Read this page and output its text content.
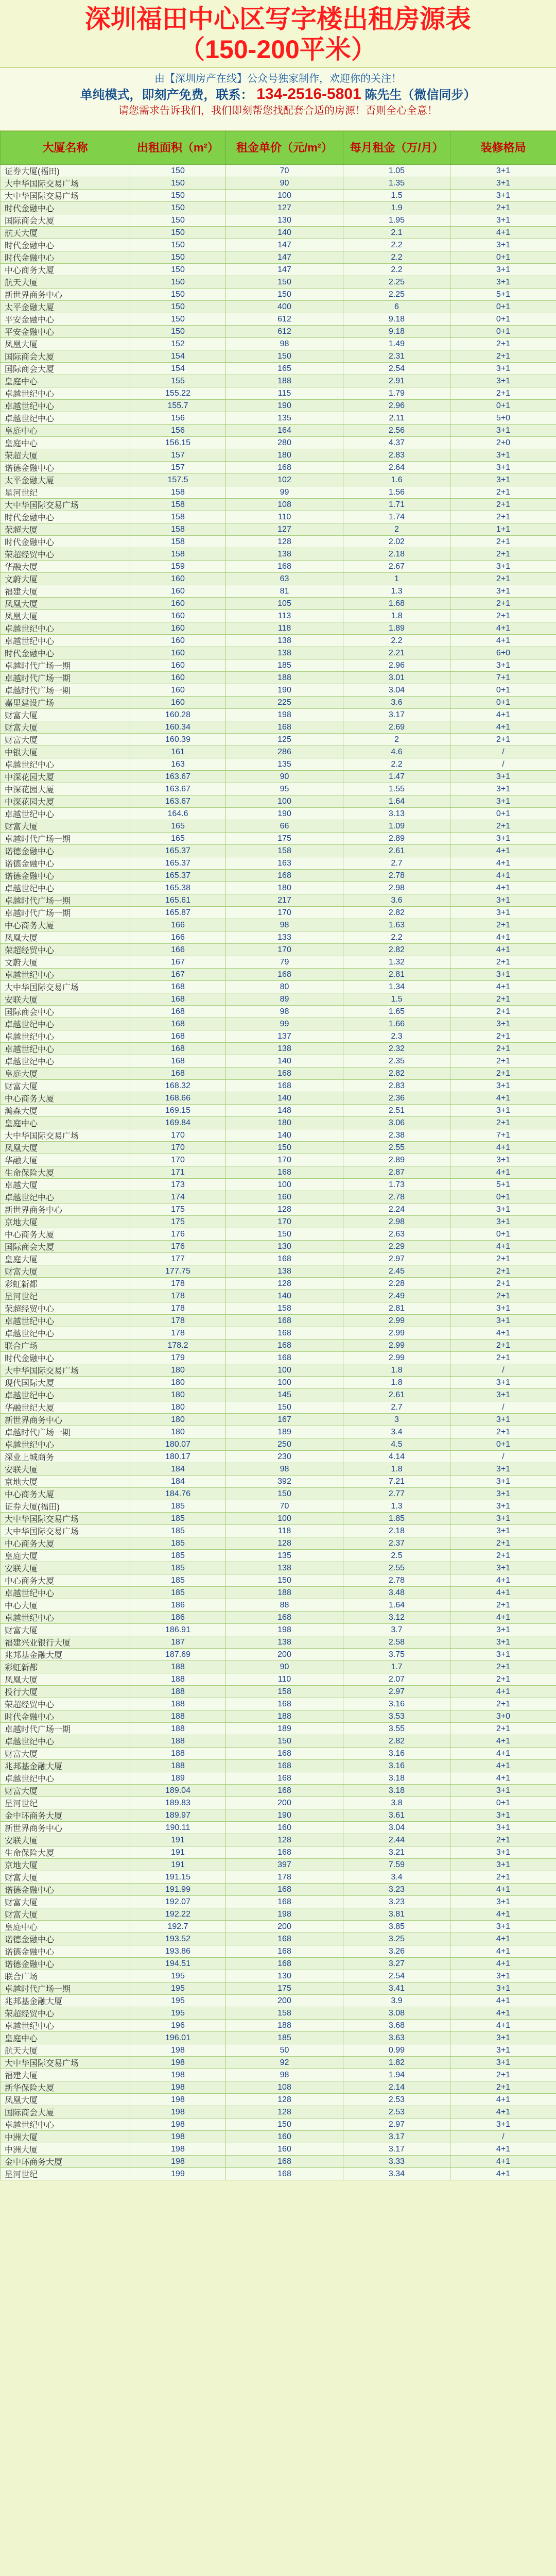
深圳福田中心区写字楼出租房源表
（150-200平米）
由【深圳房产在线】公众号独家制作，欢迎你的关注！
单纯模式，即刻产免费，联系： 134-2516-5801 陈先生（微信同步）
请您需求告诉我们，我们即刻帮您找配套合适的房源！否则全心全意！
大厦名称	出租面积（m²）	租金单价（元/m²）	每月租金（万/月）	装修格局
证券大厦(福田)	150	70	1.05	3+1
大中华国际交易广场	150	90	1.35	3+1
大中华国际交易广场	150	100	1.5	3+1
时代金融中心	150	127	1.9	2+1
国际商会大厦	150	130	1.95	3+1
航天大厦	150	140	2.1	4+1
时代金融中心	150	147	2.2	3+1
时代金融中心	150	147	2.2	0+1
中心商务大厦	150	147	2.2	3+1
航天大厦	150	150	2.25	3+1
新世界商务中心	150	150	2.25	5+1
太平金融大厦	150	400	6	0+1
平安金融中心	150	612	9.18	0+1
平安金融中心	150	612	9.18	0+1
凤凰大厦	152	98	1.49	2+1
国际商会大厦	154	150	2.31	2+1
国际商会大厦	154	165	2.54	3+1
皇庭中心	155	188	2.91	3+1
卓越世纪中心	155.22	115	1.79	2+1
卓越世纪中心	155.7	190	2.96	0+1
卓越世纪中心	156	135	2.11	5+0
皇庭中心	156	164	2.56	3+1
皇庭中心	156.15	280	4.37	2+0
荣超大厦	157	180	2.83	3+1
诺德金融中心	157	168	2.64	3+1
太平金融大厦	157.5	102	1.6	3+1
星河世纪	158	99	1.56	2+1
大中华国际交易广场	158	108	1.71	2+1
时代金融中心	158	110	1.74	2+1
荣超大厦	158	127	2	1+1
时代金融中心	158	128	2.02	2+1
荣超经贸中心	158	138	2.18	2+1
华融大厦	159	168	2.67	3+1
文蔚大厦	160	63	1	2+1
福建大厦	160	81	1.3	3+1
凤凰大厦	160	105	1.68	2+1
凤凰大厦	160	113	1.8	2+1
卓越世纪中心	160	118	1.89	4+1
卓越世纪中心	160	138	2.2	4+1
时代金融中心	160	138	2.21	6+0
卓越时代广场一期	160	185	2.96	3+1
卓越时代广场一期	160	188	3.01	7+1
卓越时代广场一期	160	190	3.04	0+1
嘉里建设广场	160	225	3.6	0+1
财富大厦	160.28	198	3.17	4+1
财富大厦	160.34	168	2.69	4+1
财富大厦	160.39	125	2	2+1
中银大厦	161	286	4.6	/
卓越世纪中心	163	135	2.2	/
中深花园大厦	163.67	90	1.47	3+1
中深花园大厦	163.67	95	1.55	3+1
中深花园大厦	163.67	100	1.64	3+1
卓越世纪中心	164.6	190	3.13	0+1
财富大厦	165	66	1.09	2+1
卓越时代广场一期	165	175	2.89	3+1
诺德金融中心	165.37	158	2.61	4+1
诺德金融中心	165.37	163	2.7	4+1
诺德金融中心	165.37	168	2.78	4+1
卓越世纪中心	165.38	180	2.98	4+1
卓越时代广场一期	165.61	217	3.6	3+1
卓越时代广场一期	165.87	170	2.82	3+1
中心商务大厦	166	98	1.63	2+1
凤凰大厦	166	133	2.2	4+1
荣超经贸中心	166	170	2.82	4+1
文蔚大厦	167	79	1.32	2+1
卓越世纪中心	167	168	2.81	3+1
大中华国际交易广场	168	80	1.34	4+1
安联大厦	168	89	1.5	2+1
国际商会中心	168	98	1.65	2+1
卓越世纪中心	168	99	1.66	3+1
卓越世纪中心	168	137	2.3	2+1
卓越世纪中心	168	138	2.32	2+1
卓越世纪中心	168	140	2.35	2+1
皇庭大厦	168	168	2.82	2+1
财富大厦	168.32	168	2.83	3+1
中心商务大厦	168.66	140	2.36	4+1
瀚森大厦	169.15	148	2.51	3+1
皇庭中心	169.84	180	3.06	2+1
大中华国际交易广场	170	140	2.38	7+1
凤凰大厦	170	150	2.55	4+1
华融大厦	170	170	2.89	3+1
生命保险大厦	171	168	2.87	4+1
卓越大厦	173	100	1.73	5+1
卓越世纪中心	174	160	2.78	0+1
新世界商务中心	175	128	2.24	3+1
京地大厦	175	170	2.98	3+1
中心商务大厦	176	150	2.63	0+1
国际商会大厦	176	130	2.29	4+1
皇庭大厦	177	168	2.97	2+1
财富大厦	177.75	138	2.45	2+1
彩虹新都	178	128	2.28	2+1
星河世纪	178	140	2.49	2+1
荣超经贸中心	178	158	2.81	3+1
卓越世纪中心	178	168	2.99	3+1
卓越世纪中心	178	168	2.99	4+1
联合广场	178.2	168	2.99	2+1
时代金融中心	179	168	2.99	2+1
大中华国际交易广场	180	100	1.8	/
现代国际大厦	180	100	1.8	3+1
卓越世纪中心	180	145	2.61	3+1
华融世纪大厦	180	150	2.7	/
新世界商务中心	180	167	3	3+1
卓越时代广场一期	180	189	3.4	2+1
卓越世纪中心	180.07	250	4.5	0+1
深业上城商务	180.17	230	4.14	/
安联大厦	184	98	1.8	3+1
京地大厦	184	392	7.21	3+1
中心商务大厦	184.76	150	2.77	3+1
证券大厦(福田)	185	70	1.3	3+1
大中华国际交易广场	185	100	1.85	3+1
大中华国际交易广场	185	118	2.18	3+1
中心商务大厦	185	128	2.37	2+1
皇庭大厦	185	135	2.5	2+1
安联大厦	185	138	2.55	3+1
中心商务大厦	185	150	2.78	4+1
卓越世纪中心	185	188	3.48	4+1
中心大厦	186	88	1.64	2+1
卓越世纪中心	186	168	3.12	4+1
财富大厦	186.91	198	3.7	3+1
福建兴业银行大厦	187	138	2.58	3+1
兆邦基金融大厦	187.69	200	3.75	3+1
彩虹新都	188	90	1.7	2+1
凤凰大厦	188	110	2.07	2+1
投行大厦	188	158	2.97	4+1
荣超经贸中心	188	168	3.16	2+1
时代金融中心	188	188	3.53	3+0
卓越时代广场一期	188	189	3.55	2+1
卓越世纪中心	188	150	2.82	4+1
财富大厦	188	168	3.16	4+1
兆邦基金融大厦	188	168	3.16	4+1
卓越世纪中心	189	168	3.18	4+1
财富大厦	189.04	168	3.18	3+1
星河世纪	189.83	200	3.8	0+1
金中环商务大厦	189.97	190	3.61	3+1
新世界商务中心	190.11	160	3.04	3+1
安联大厦	191	128	2.44	2+1
生命保险大厦	191	168	3.21	3+1
京地大厦	191	397	7.59	3+1
财富大厦	191.15	178	3.4	2+1
诺德金融中心	191.99	168	3.23	4+1
财富大厦	192.07	168	3.23	3+1
财富大厦	192.22	198	3.81	4+1
皇庭中心	192.7	200	3.85	3+1
诺德金融中心	193.52	168	3.25	4+1
诺德金融中心	193.86	168	3.26	4+1
诺德金融中心	194.51	168	3.27	4+1
联合广场	195	130	2.54	3+1
卓越时代广场一期	195	175	3.41	3+1
兆邦基金融大厦	195	200	3.9	4+1
荣超经贸中心	195	158	3.08	4+1
卓越世纪中心	196	188	3.68	4+1
皇庭中心	196.01	185	3.63	3+1
航天大厦	198	50	0.99	3+1
大中华国际交易广场	198	92	1.82	3+1
福建大厦	198	98	1.94	2+1
新华保险大厦	198	108	2.14	2+1
凤凰大厦	198	128	2.53	4+1
国际商会大厦	198	128	2.53	4+1
卓越世纪中心	198	150	2.97	3+1
中洲大厦	198	160	3.17	/
中洲大厦	198	160	3.17	4+1
金中环商务大厦	198	168	3.33	4+1
星河世纪	199	168	3.34	4+1
